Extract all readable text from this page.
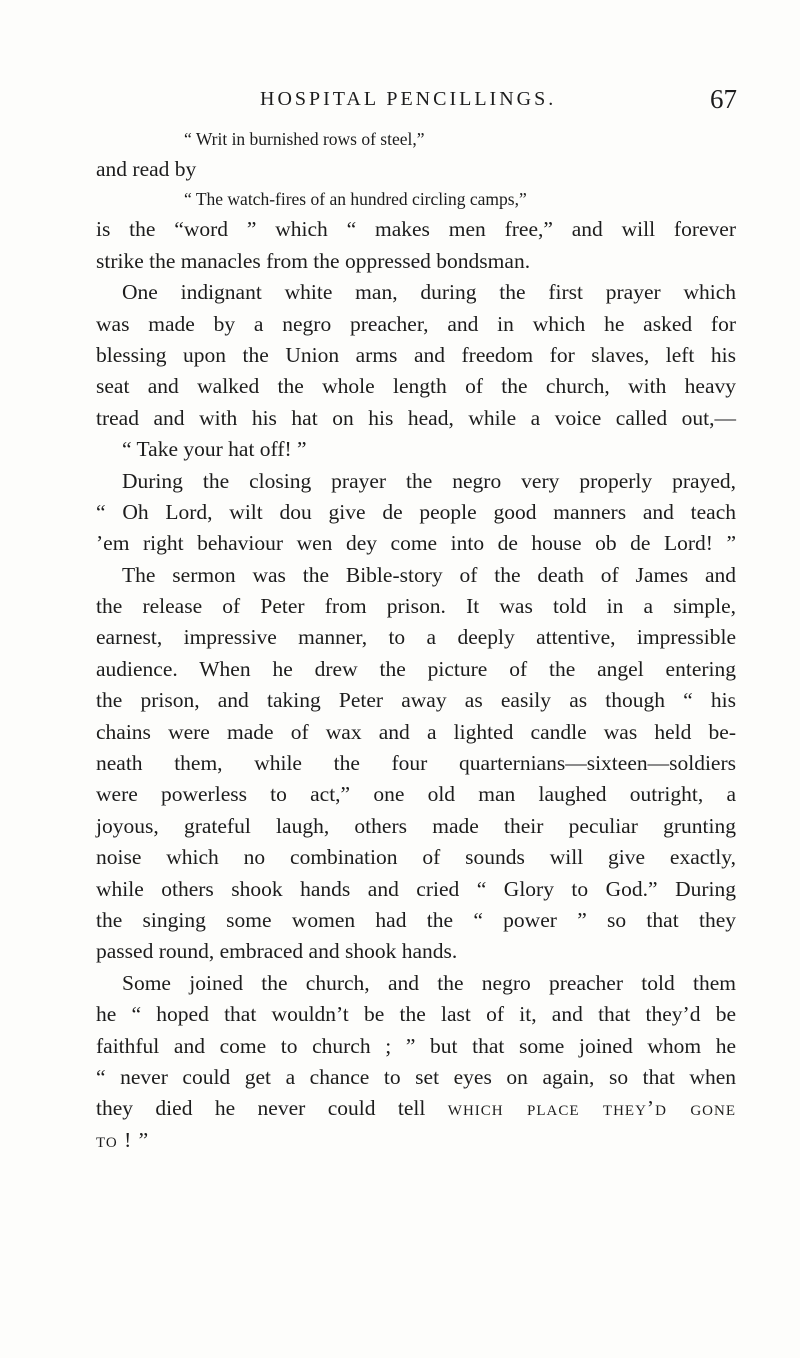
HOSPITAL PENCILLINGS.	67
“ Writ in burnished rows of steel,”
and read by
“ The watch-fires of an hundred circling camps,”
is the “word ” which “ makes men free,” and will forever
strike the manacles from the oppressed bondsman.
One indignant white man, during the first prayer which
was made by a negro preacher, and in which he asked for
blessing upon the Union arms and freedom for slaves, left his
seat and walked the whole length of the church, with heavy
tread and with his hat on his head, while a voice called out,—
“ Take your hat off! ”
During the closing prayer the negro very properly prayed,
“ Oh Lord, wilt dou give de people good manners and teach
’em right behaviour wen dey come into de house ob de Lord! ”
The sermon was the Bible-story of the death of James and
the release of Peter from prison. It was told in a simple,
earnest, impressive manner, to a deeply attentive, impressible
audience. When he drew the picture of the angel entering
the prison, and taking Peter away as easily as though “ his
chains were made of wax and a lighted candle was held be-
neath them, while the four quarternians—sixteen—soldiers
were powerless to act,” one old man laughed outright, a
joyous, grateful laugh, others made their peculiar grunting
noise which no combination of sounds will give exactly,
while others shook hands and cried “ Glory to God.” During
the singing some women had the “ power ” so that they
passed round, embraced and shook hands.
Some joined the church, and the negro preacher told them
he “ hoped that wouldn’t be the last of it, and that they’d be
faithful and come to church ; ” but that some joined whom he
“ never could get a chance to set eyes on again, so that when
they died he never could tell which place they’d gone
to ! ”
